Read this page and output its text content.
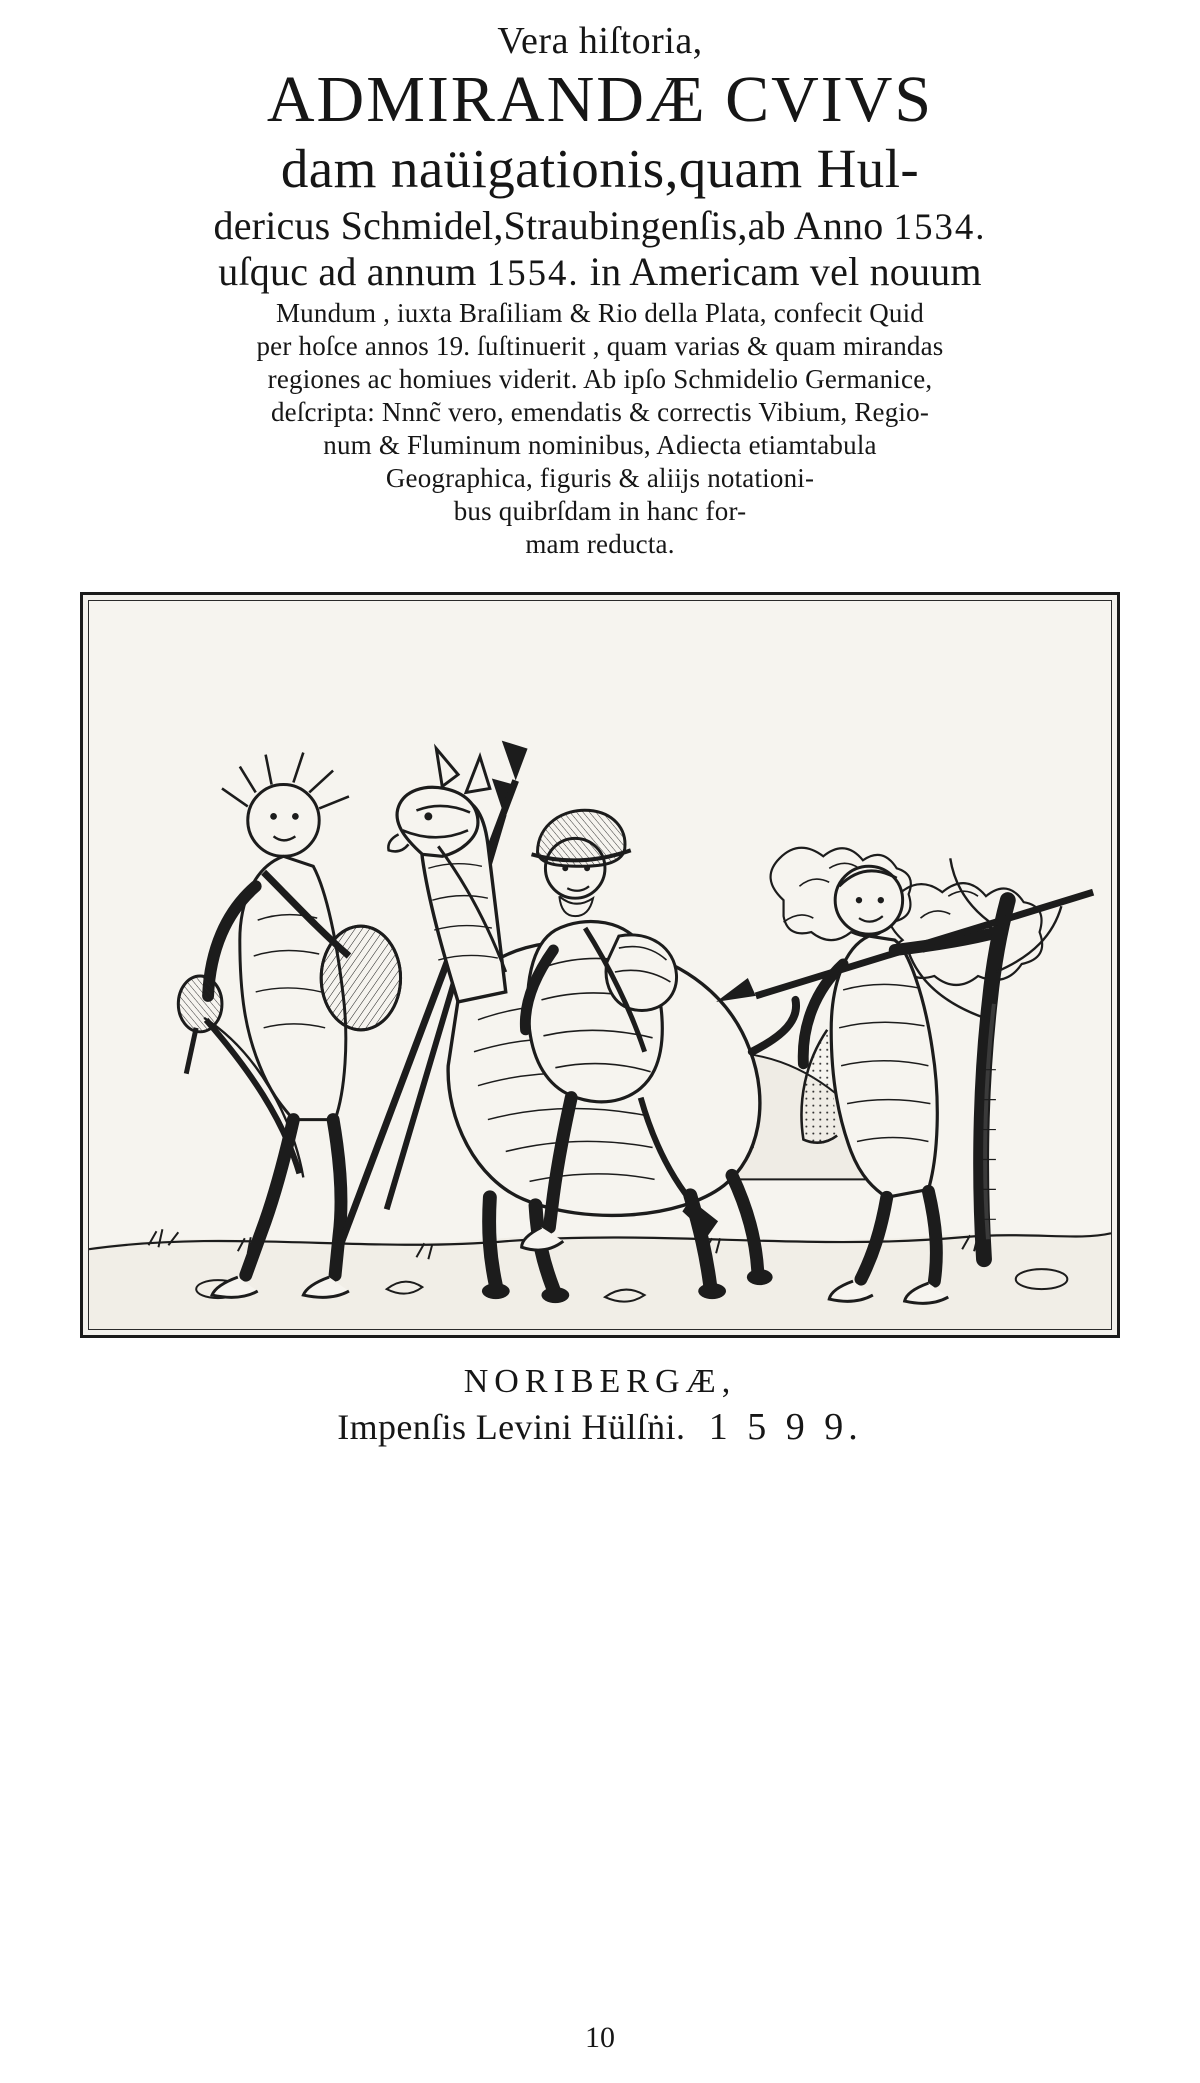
Vera hiſtoria,
ADMIRANDÆ CVIVS
dam naüigationis,quam Hul-
dericus Schmidel,Straubingenſis,ab Anno 1534.
uſquc ad annum 1554. in Americam vel nouum
Mundum , iuxta Braſiliam & Rio della Plata, confecit Quid
per hoſce annos 19. ſuſtinuerit , quam varias & quam mirandas
regiones ac homiues viderit. Ab ipſo Schmidelio Germanice,
deſcripta: Nnnc̃ vero, emendatis & correctis Vibium, Regio-
num & Fluminum nominibus, Adiecta etiamtabula
Geographica, figuris & aliĳs notationi-
bus quibrſdam in hanc for-
mam reducta.
NORIBERGÆ,
Impenſis Levini Hülſṅi. 1 5 9 9.
10
